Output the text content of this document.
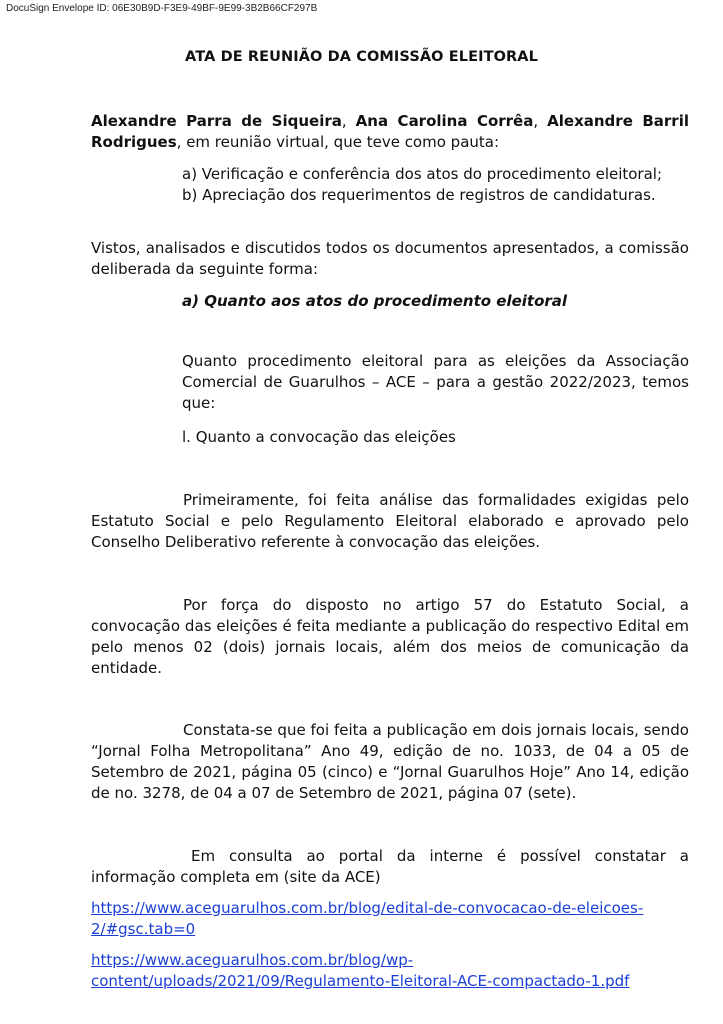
DocuSign Envelope ID: 06E30B9D-F3E9-49BF-9E99-3B2B66CF297B
ATA DE REUNIÃO DA COMISSÃO ELEITORAL
Alexandre Parra de Siqueira, Ana Carolina Corrêa, Alexandre Barril Rodrigues, em reunião virtual, que teve como pauta:
a) Verificação e conferência dos atos do procedimento eleitoral;
b) Apreciação dos requerimentos de registros de candidaturas.
Vistos, analisados e discutidos todos os documentos apresentados, a comissão deliberada da seguinte forma:
a) Quanto aos atos do procedimento eleitoral
Quanto procedimento eleitoral para as eleições da Associação Comercial de Guarulhos – ACE – para a gestão 2022/2023, temos que:
l. Quanto a convocação das eleições
Primeiramente, foi feita análise das formalidades exigidas pelo Estatuto Social e pelo Regulamento Eleitoral elaborado e aprovado pelo Conselho Deliberativo referente à convocação das eleições.
Por força do disposto no artigo 57 do Estatuto Social, a convocação das eleições é feita mediante a publicação do respectivo Edital em pelo menos 02 (dois) jornais locais, além dos meios de comunicação da entidade.
Constata-se que foi feita a publicação em dois jornais locais, sendo “Jornal Folha Metropolitana” Ano 49, edição de no. 1033, de 04 a 05 de Setembro de 2021, página 05 (cinco) e “Jornal Guarulhos Hoje” Ano 14, edição de no. 3278, de 04 a 07 de Setembro de 2021, página 07 (sete).
Em consulta ao portal da interne é possível constatar a informação completa em (site da ACE)
https://www.aceguarulhos.com.br/blog/edital-de-convocacao-de-eleicoes-
2/#gsc.tab=0
https://www.aceguarulhos.com.br/blog/wp-
content/uploads/2021/09/Regulamento-Eleitoral-ACE-compactado-1.pdf
